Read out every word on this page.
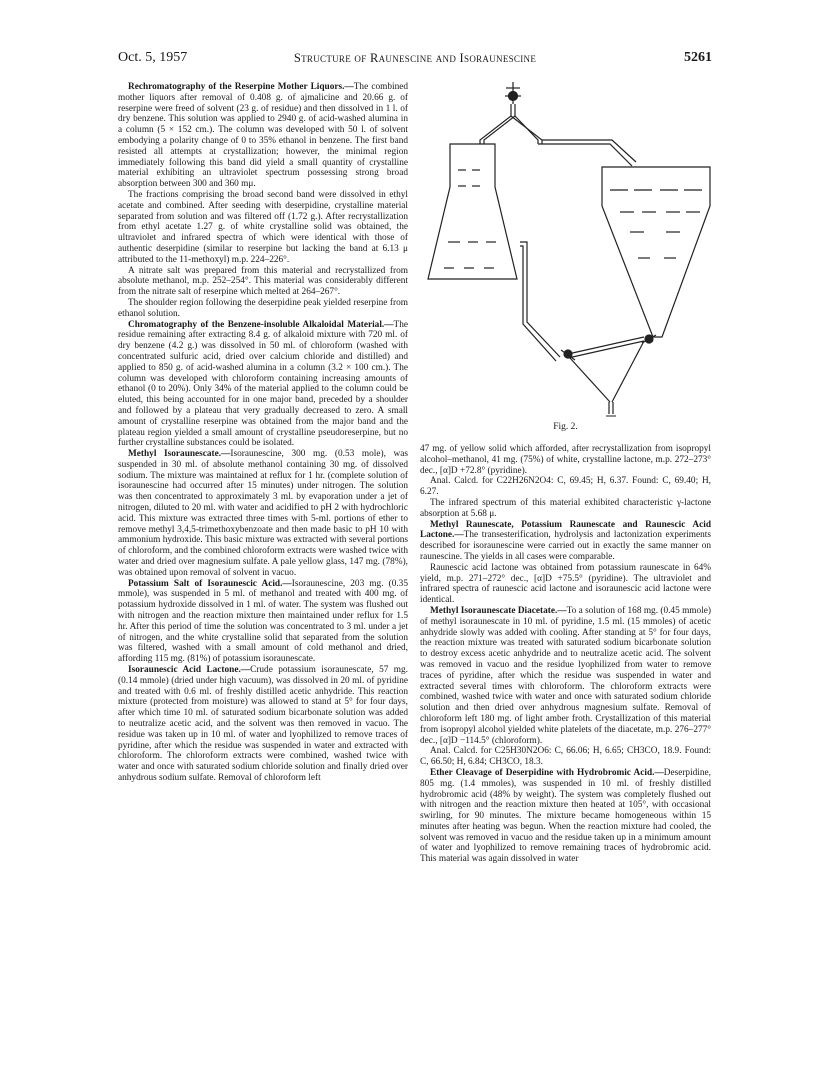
Oct. 5, 1957	Structure of Raunescine and Isoraunescine	5261

Rechromatography of the Reserpine Mother Liquors.—The combined mother liquors after removal of 0.408 g. of ajmalicine and 20.66 g. of reserpine were freed of solvent (23 g. of residue) and then dissolved in 1 l. of dry benzene. This solution was applied to 2940 g. of acid-washed alumina in a column (5 × 152 cm.). The column was developed with 50 l. of solvent embodying a polarity change of 0 to 35% ethanol in benzene. The first band resisted all attempts at crystallization; however, the minimal region immediately following this band did yield a small quantity of crystalline material exhibiting an ultraviolet spectrum possessing strong broad absorption between 300 and 360 mμ.

The fractions comprising the broad second band were dissolved in ethyl acetate and combined. After seeding with deserpidine, crystalline material separated from solution and was filtered off (1.72 g.). After recrystallization from ethyl acetate 1.27 g. of white crystalline solid was obtained, the ultraviolet and infrared spectra of which were identical with those of authentic deserpidine (similar to reserpine but lacking the band at 6.13 μ attributed to the 11-methoxyl) m.p. 224–226°.

A nitrate salt was prepared from this material and recrystallized from absolute methanol, m.p. 252–254°. This material was considerably different from the nitrate salt of reserpine which melted at 264–267°.

The shoulder region following the deserpidine peak yielded reserpine from ethanol solution.

Chromatography of the Benzene-insoluble Alkaloidal Material.—The residue remaining after extracting 8.4 g. of alkaloid mixture with 720 ml. of dry benzene (4.2 g.) was dissolved in 50 ml. of chloroform (washed with concentrated sulfuric acid, dried over calcium chloride and distilled) and applied to 850 g. of acid-washed alumina in a column (3.2 × 100 cm.). The column was developed with chloroform containing increasing amounts of ethanol (0 to 20%). Only 34% of the material applied to the column could be eluted, this being accounted for in one major band, preceded by a shoulder and followed by a plateau that very gradually decreased to zero. A small amount of crystalline reserpine was obtained from the major band and the plateau region yielded a small amount of crystalline pseudoreserpine, but no further crystalline substances could be isolated.

Methyl Isoraunescate.—Isoraunescine, 300 mg. (0.53 mole), was suspended in 30 ml. of absolute methanol containing 30 mg. of dissolved sodium. The mixture was maintained at reflux for 1 hr. (complete solution of isoraunescine had occurred after 15 minutes) under nitrogen. The solution was then concentrated to approximately 3 ml. by evaporation under a jet of nitrogen, diluted to 20 ml. with water and acidified to pH 2 with hydrochloric acid. This mixture was extracted three times with 5-ml. portions of ether to remove methyl 3,4,5-trimethoxybenzoate and then made basic to pH 10 with ammonium hydroxide. This basic mixture was extracted with several portions of chloroform, and the combined chloroform extracts were washed twice with water and dried over magnesium sulfate. A pale yellow glass, 147 mg. (78%), was obtained upon removal of solvent in vacuo.

Potassium Salt of Isoraunescic Acid.—Isoraunescine, 203 mg. (0.35 mmole), was suspended in 5 ml. of methanol and treated with 400 mg. of potassium hydroxide dissolved in 1 ml. of water. The system was flushed out with nitrogen and the reaction mixture then maintained under reflux for 1.5 hr. After this period of time the solution was concentrated to 3 ml. under a jet of nitrogen, and the white crystalline solid that separated from the solution was filtered, washed with a small amount of cold methanol and dried, affording 115 mg. (81%) of potassium isoraunescate.

Isoraunescic Acid Lactone.—Crude potassium isoraunescate, 57 mg. (0.14 mmole) (dried under high vacuum), was dissolved in 20 ml. of pyridine and treated with 0.6 ml. of freshly distilled acetic anhydride. This reaction mixture (protected from moisture) was allowed to stand at 5° for four days, after which time 10 ml. of saturated sodium bicarbonate solution was added to neutralize acetic acid, and the solvent was then removed in vacuo. The residue was taken up in 10 ml. of water and lyophilized to remove traces of pyridine, after which the residue was suspended in water and extracted with chloroform. The chloroform extracts were combined, washed twice with water and once with saturated sodium chloride solution and finally dried over anhydrous sodium sulfate. Removal of chloroform left

Fig. 2.

47 mg. of yellow solid which afforded, after recrystallization from isopropyl alcohol–methanol, 41 mg. (75%) of white, crystalline lactone, m.p. 272–273° dec., [α]D +72.8° (pyridine).

Anal. Calcd. for C22H26N2O4: C, 69.45; H, 6.37. Found: C, 69.40; H, 6.27.

The infrared spectrum of this material exhibited characteristic γ-lactone absorption at 5.68 μ.

Methyl Raunescate, Potassium Raunescate and Raunescic Acid Lactone.—The transesterification, hydrolysis and lactonization experiments described for isoraunescine were carried out in exactly the same manner on raunescine. The yields in all cases were comparable.

Raunescic acid lactone was obtained from potassium raunescate in 64% yield, m.p. 271–272° dec., [α]D +75.5° (pyridine). The ultraviolet and infrared spectra of raunescic acid lactone and isoraunescic acid lactone were identical.

Methyl Isoraunescate Diacetate.—To a solution of 168 mg. (0.45 mmole) of methyl isoraunescate in 10 ml. of pyridine, 1.5 ml. (15 mmoles) of acetic anhydride slowly was added with cooling. After standing at 5° for four days, the reaction mixture was treated with saturated sodium bicarbonate solution to destroy excess acetic anhydride and to neutralize acetic acid. The solvent was removed in vacuo and the residue lyophilized from water to remove traces of pyridine, after which the residue was suspended in water and extracted several times with chloroform. The chloroform extracts were combined, washed twice with water and once with saturated sodium chloride solution and then dried over anhydrous magnesium sulfate. Removal of chloroform left 180 mg. of light amber froth. Crystallization of this material from isopropyl alcohol yielded white platelets of the diacetate, m.p. 276–277° dec., [α]D −114.5° (chloroform).

Anal. Calcd. for C25H30N2O6: C, 66.06; H, 6.65; CH3CO, 18.9. Found: C, 66.50; H, 6.84; CH3CO, 18.3.

Ether Cleavage of Deserpidine with Hydrobromic Acid.—Deserpidine, 805 mg. (1.4 mmoles), was suspended in 10 ml. of freshly distilled hydrobromic acid (48% by weight). The system was completely flushed out with nitrogen and the reaction mixture then heated at 105°, with occasional swirling, for 90 minutes. The mixture became homogeneous within 15 minutes after heating was begun. When the reaction mixture had cooled, the solvent was removed in vacuo and the residue taken up in a minimum amount of water and lyophilized to remove remaining traces of hydrobromic acid. This material was again dissolved in water
